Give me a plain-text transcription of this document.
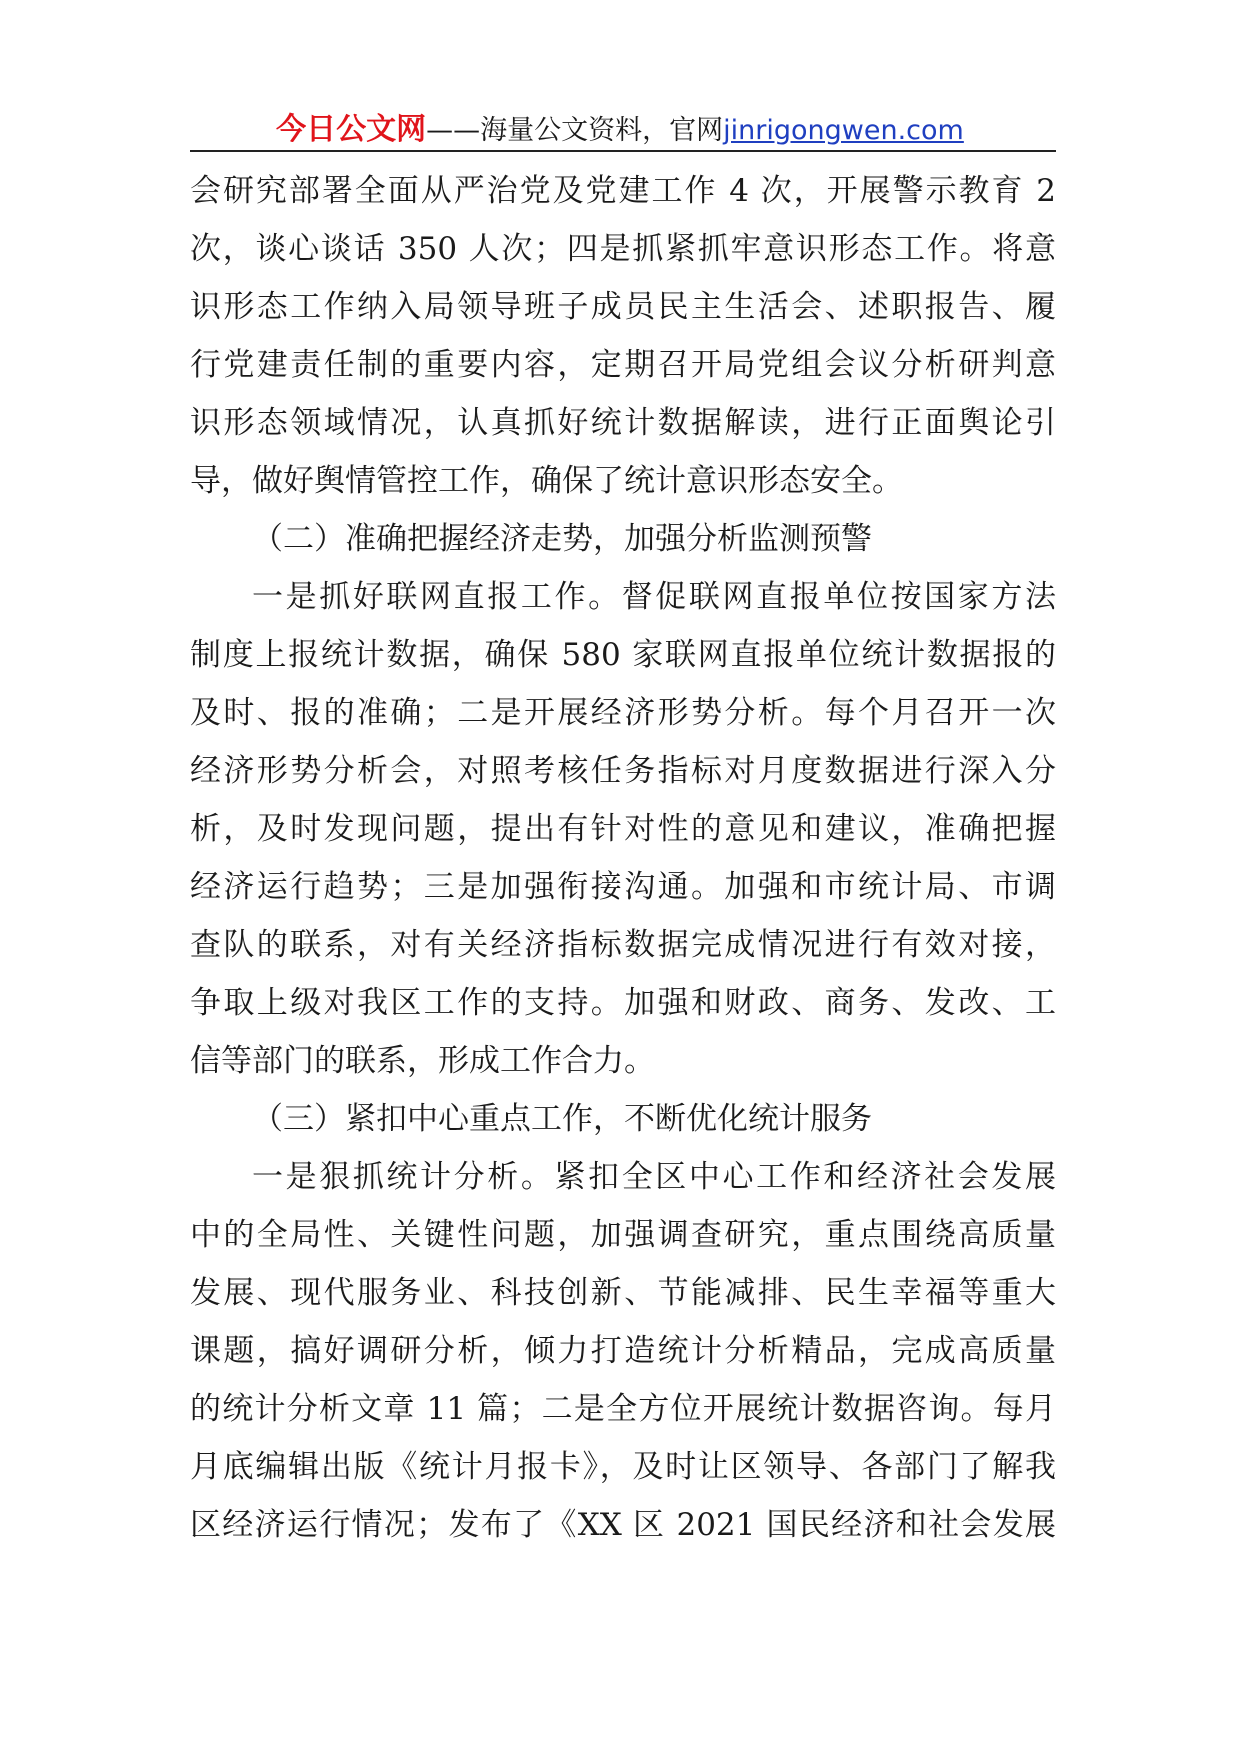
今日公文网——海量公文资料，官网jinrigongwen.com
会研究部署全面从严治党及党建工作 4 次，开展警示教育 2
次，谈心谈话 350 人次；四是抓紧抓牢意识形态工作。将意
识形态工作纳入局领导班子成员民主生活会、述职报告、履
行党建责任制的重要内容，定期召开局党组会议分析研判意
识形态领域情况，认真抓好统计数据解读，进行正面舆论引
导，做好舆情管控工作，确保了统计意识形态安全。
（二）准确把握经济走势，加强分析监测预警
一是抓好联网直报工作。督促联网直报单位按国家方法
制度上报统计数据，确保 580 家联网直报单位统计数据报的
及时、报的准确；二是开展经济形势分析。每个月召开一次
经济形势分析会，对照考核任务指标对月度数据进行深入分
析，及时发现问题，提出有针对性的意见和建议，准确把握
经济运行趋势；三是加强衔接沟通。加强和市统计局、市调
查队的联系，对有关经济指标数据完成情况进行有效对接，
争取上级对我区工作的支持。加强和财政、商务、发改、工
信等部门的联系，形成工作合力。
（三）紧扣中心重点工作，不断优化统计服务
一是狠抓统计分析。紧扣全区中心工作和经济社会发展
中的全局性、关键性问题，加强调查研究，重点围绕高质量
发展、现代服务业、科技创新、节能减排、民生幸福等重大
课题，搞好调研分析，倾力打造统计分析精品，完成高质量
的统计分析文章 11 篇；二是全方位开展统计数据咨询。每月
月底编辑出版《统计月报卡》，及时让区领导、各部门了解我
区经济运行情况；发布了《XX 区 2021 国民经济和社会发展
